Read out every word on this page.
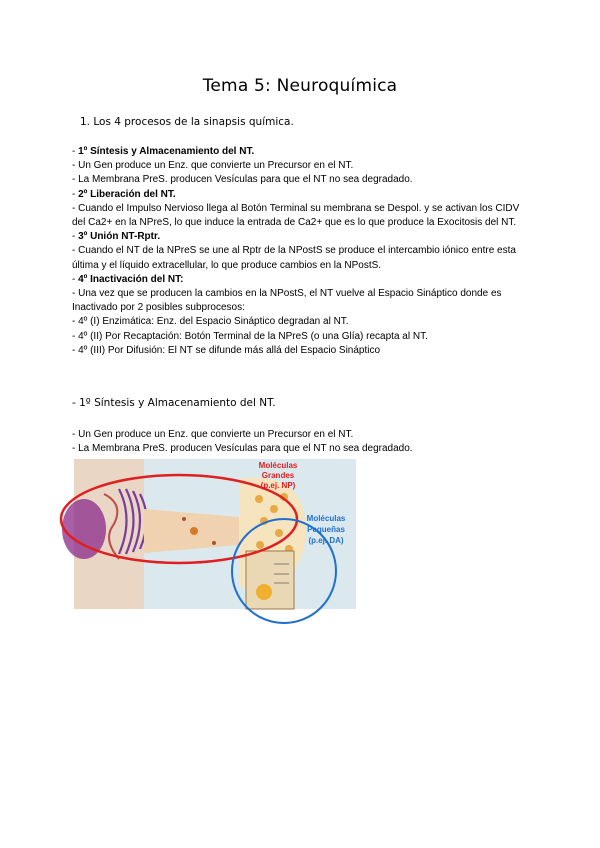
Tema 5: Neuroquímica
1. Los 4 procesos de la sinapsis química.

- 1º Síntesis y Almacenamiento del NT.

- Un Gen produce un Enz. que convierte un Precursor en el NT.

- La Membrana PreS. producen Vesículas para que el NT no sea degradado.

- 2º Liberación del NT.

- Cuando el Impulso Nervioso llega al Botón Terminal su membrana se Despol. y se activan los CIDV del Ca2+ en la NPreS, lo que induce la entrada de Ca2+ que es lo que produce la Exocitosis del NT.

- 3º Unión NT-Rptr.

- Cuando el NT de la NPreS se une al Rptr de la NPostS se produce el intercambio iónico entre esta última y el líquido extracellular, lo que produce cambios en la NPostS.

- 4º Inactivación del NT:

- Una vez que se producen la cambios en la NPostS, el NT vuelve al Espacio Sináptico donde es Inactivado por 2 posibles subprocesos:

- 4º (I) Enzimática: Enz. del Espacio Sináptico degradan al NT.

- 4º (II) Por Recaptación: Botón Terminal de la NPreS (o una Glía) recapta al NT.

- 4º (III) Por Difusión: El NT se difunde más allá del Espacio Sináptico

- 1º Síntesis y Almacenamiento del NT.

- Un Gen produce un Enz. que convierte un Precursor en el NT.

- La Membrana PreS. producen Vesículas para que el NT no sea degradado.

Moléculas
Grandes
(p.ej. NP)
Moléculas
Pequeñas
(p.ej. DA)
